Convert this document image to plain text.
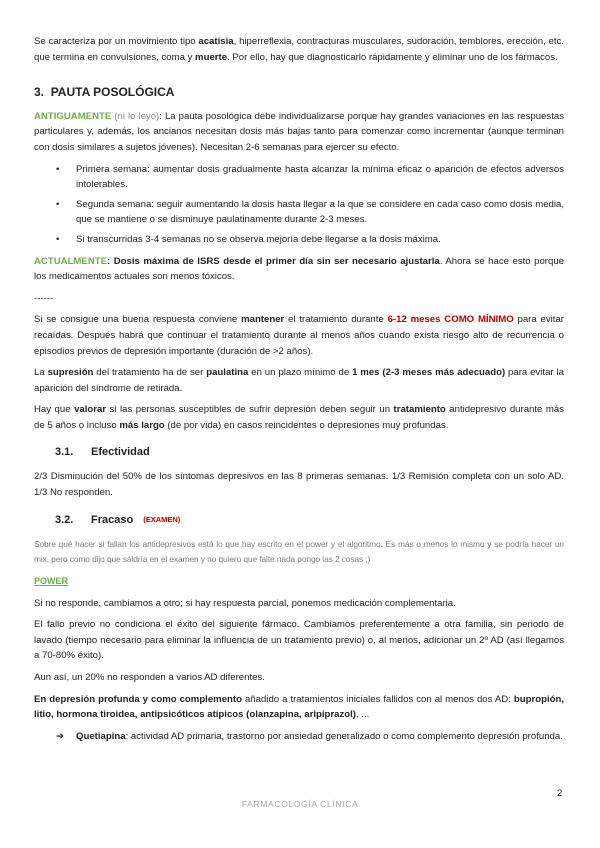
Se caracteriza por un movimiento tipo acatisia, hiperreflexia, contracturas musculares, sudoración, temblores, erección, etc. que termina en convulsiones, coma y muerte. Por ello, hay que diagnosticarlo rápidamente y eliminar uno de los fármacos.

3. PAUTA POSOLÓGICA

ANTIGUAMENTE (ni lo leyó): La pauta posológica debe individualizarse porque hay grandes variaciones en las respuestas particulares y, además, los ancianos necesitan dosis más bajas tanto para comenzar como incrementar (aunque terminan con dosis similares a sujetos jóvenes). Necesitan 2-6 semanas para ejercer su efecto.

• Primera semana: aumentar dosis gradualmente hasta alcanzar la mínima eficaz o aparición de efectos adversos intolerables.
• Segunda semana: seguir aumentando la dosis hasta llegar a la que se considere en cada caso como dosis media, que se mantiene o se disminuye paulatinamente durante 2-3 meses.
• Si transcurridas 3-4 semanas no se observa mejoría debe llegarse a la dosis máxima.

ACTUALMENTE: Dosis máxima de ISRS desde el primer día sin ser necesario ajustarla. Ahora se hace esto porque los medicamentos actuales son menos tóxicos.

------

Si se consigue una buena respuesta conviene mantener el tratamiento durante 6-12 meses COMO MÍNIMO para evitar recaídas. Después habrá que continuar el tratamiento durante al menos años cuando exista riesgo alto de recurrencia o episodios previos de depresión importante (duración de >2 años).

La supresión del tratamiento ha de ser paulatina en un plazo mínimo de 1 mes (2-3 meses más adecuado) para evitar la aparición del síndrome de retirada.

Hay que valorar si las personas susceptibles de sufrir depresión deben seguir un tratamiento antidepresivo durante más de 5 años o incluso más largo (de por vida) en casos reincidentes o depresiones muy profundas.

3.1. Efectividad

2/3 Disminución del 50% de los síntomas depresivos en las 8 primeras semanas. 1/3 Remisión completa con un solo AD. 1/3 No responden.

3.2. Fracaso (EXAMEN)

Sobre qué hacer si fallan los antidepresivos está lo que hay escrito en el power y el algoritmo. Es más o menos lo mismo y se podría hacer un mix, pero como dijo que saldría en el examen y no quiero que falte nada pongo las 2 cosas ;)

POWER

Si no responde, cambiamos a otro; si hay respuesta parcial, ponemos medicación complementaria.

El fallo previo no condiciona el éxito del siguiente fármaco. Cambiamos preferentemente a otra familia, sin periodo de lavado (tiempo necesario para eliminar la influencia de un tratamiento previo) o, al menos, adicionar un 2º AD (así llegamos a 70-80% éxito).

Aun así, un 20% no responden a varios AD diferentes.

En depresión profunda y como complemento añadido a tratamientos iniciales fallidos con al menos dos AD: bupropión, litio, hormona tiroidea, antipsicóticos atípicos (olanzapina, aripiprazol), ...

➔ Quetiapina: actividad AD primaria, trastorno por ansiedad generalizado o como complemento depresión profunda.
2
FARMACOLOGÍA CLÍNICA
